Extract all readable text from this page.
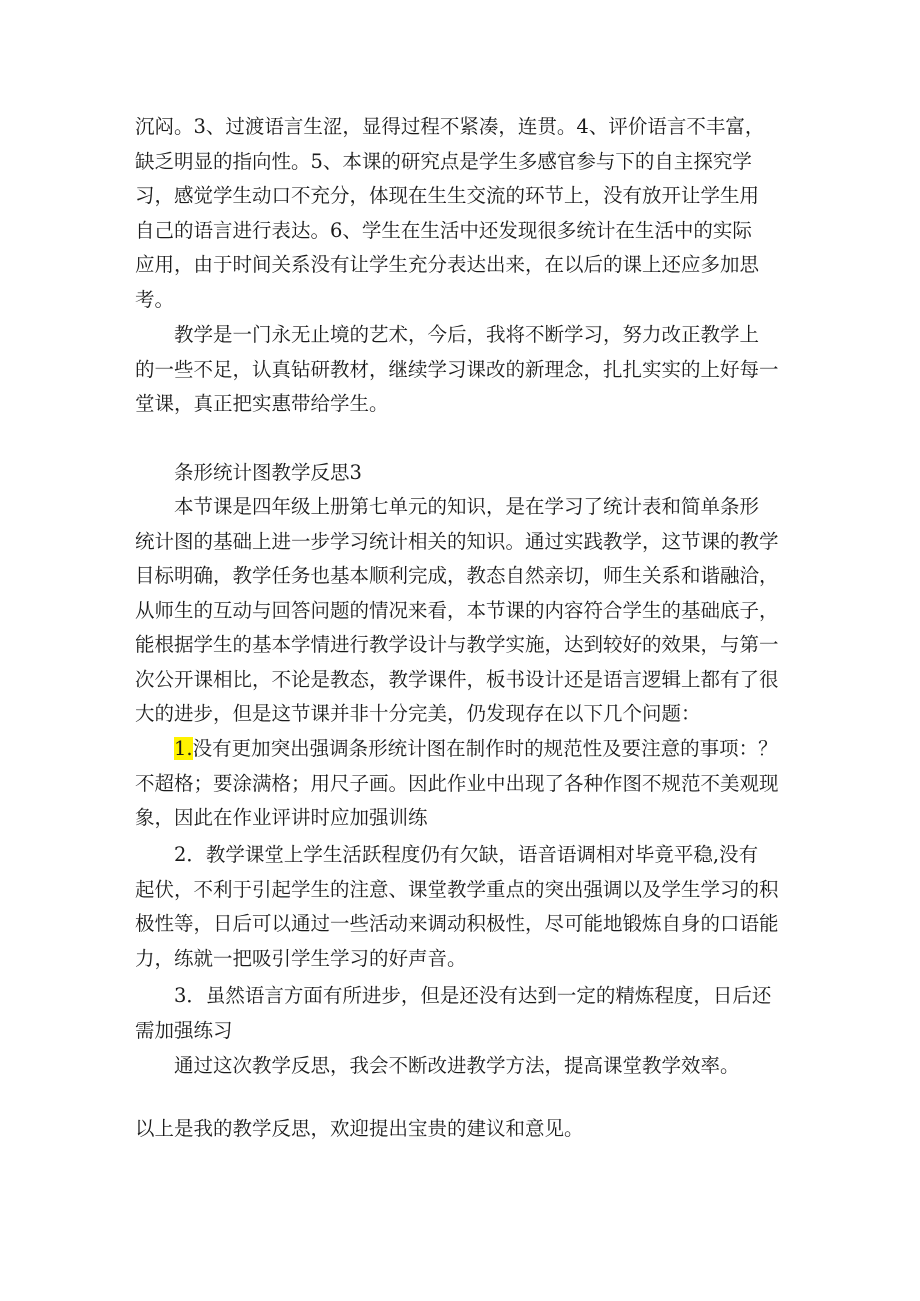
沉闷。3、过渡语言生涩，显得过程不紧凑，连贯。4、评价语言不丰富，
缺乏明显的指向性。5、本课的研究点是学生多感官参与下的自主探究学
习，感觉学生动口不充分，体现在生生交流的环节上，没有放开让学生用
自己的语言进行表达。6、学生在生活中还发现很多统计在生活中的实际
应用，由于时间关系没有让学生充分表达出来，在以后的课上还应多加思
考。
教学是一门永无止境的艺术，今后，我将不断学习，努力改正教学上
的一些不足，认真钻研教材，继续学习课改的新理念，扎扎实实的上好每一
堂课，真正把实惠带给学生。
条形统计图教学反思3
本节课是四年级上册第七单元的知识，是在学习了统计表和简单条形
统计图的基础上进一步学习统计相关的知识。通过实践教学，这节课的教学
目标明确，教学任务也基本顺利完成，教态自然亲切，师生关系和谐融洽，
从师生的互动与回答问题的情况来看，本节课的内容符合学生的基础底子，
能根据学生的基本学情进行教学设计与教学实施，达到较好的效果，与第一
次公开课相比，不论是教态，教学课件，板书设计还是语言逻辑上都有了很
大的进步，但是这节课并非十分完美，仍发现存在以下几个问题：
1.没有更加突出强调条形统计图在制作时的规范性及要注意的事项：？
不超格；要涂满格；用尺子画。因此作业中出现了各种作图不规范不美观现
象，因此在作业评讲时应加强训练
2．教学课堂上学生活跃程度仍有欠缺，语音语调相对毕竟平稳,没有
起伏，不利于引起学生的注意、课堂教学重点的突出强调以及学生学习的积
极性等，日后可以通过一些活动来调动积极性，尽可能地锻炼自身的口语能
力，练就一把吸引学生学习的好声音。
3．虽然语言方面有所进步，但是还没有达到一定的精炼程度，日后还
需加强练习
通过这次教学反思，我会不断改进教学方法，提高课堂教学效率。
以上是我的教学反思，欢迎提出宝贵的建议和意见。
